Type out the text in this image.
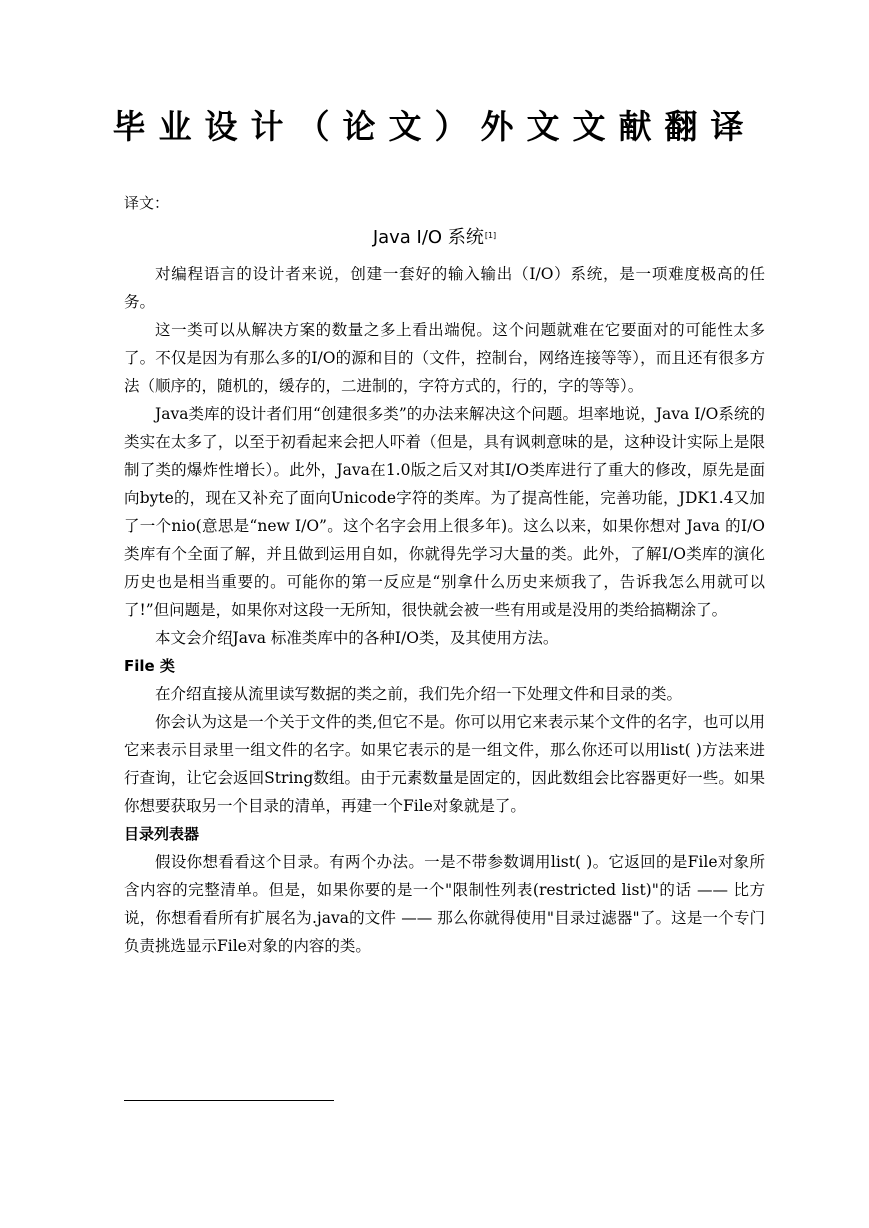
毕业设计（论文）外文文献翻译
译文：
Java I/O 系统[1]

对编程语言的设计者来说，创建一套好的输入输出（I/O）系统，是一项难度极高的任务。

这一类可以从解决方案的数量之多上看出端倪。这个问题就难在它要面对的可能性太多了。不仅是因为有那么多的I/O的源和目的（文件，控制台，网络连接等等），而且还有很多方法（顺序的，随机的，缓存的，二进制的，字符方式的，行的，字的等等）。

Java类库的设计者们用“创建很多类”的办法来解决这个问题。坦率地说，Java I/O系统的类实在太多了，以至于初看起来会把人吓着（但是，具有讽刺意味的是，这种设计实际上是限制了类的爆炸性增长）。此外，Java在1.0版之后又对其I/O类库进行了重大的修改，原先是面向byte的，现在又补充了面向Unicode字符的类库。为了提高性能，完善功能，JDK1.4又加了一个nio(意思是“new I/O”。这个名字会用上很多年)。这么以来，如果你想对 Java 的I/O类库有个全面了解，并且做到运用自如，你就得先学习大量的类。此外，了解I/O类库的演化历史也是相当重要的。可能你的第一反应是“别拿什么历史来烦我了，告诉我怎么用就可以了!”但问题是，如果你对这段一无所知，很快就会被一些有用或是没用的类给搞糊涂了。

本文会介绍Java 标准类库中的各种I/O类，及其使用方法。

File 类

在介绍直接从流里读写数据的类之前，我们先介绍一下处理文件和目录的类。

你会认为这是一个关于文件的类,但它不是。你可以用它来表示某个文件的名字，也可以用它来表示目录里一组文件的名字。如果它表示的是一组文件，那么你还可以用list( )方法来进行查询，让它会返回String数组。由于元素数量是固定的，因此数组会比容器更好一些。如果你想要获取另一个目录的清单，再建一个File对象就是了。

目录列表器

假设你想看看这个目录。有两个办法。一是不带参数调用list( )。它返回的是File对象所含内容的完整清单。但是，如果你要的是一个"限制性列表(restricted list)"的话 —— 比方说，你想看看所有扩展名为.java的文件 —— 那么你就得使用"目录过滤器"了。这是一个专门负责挑选显示File对象的内容的类。
